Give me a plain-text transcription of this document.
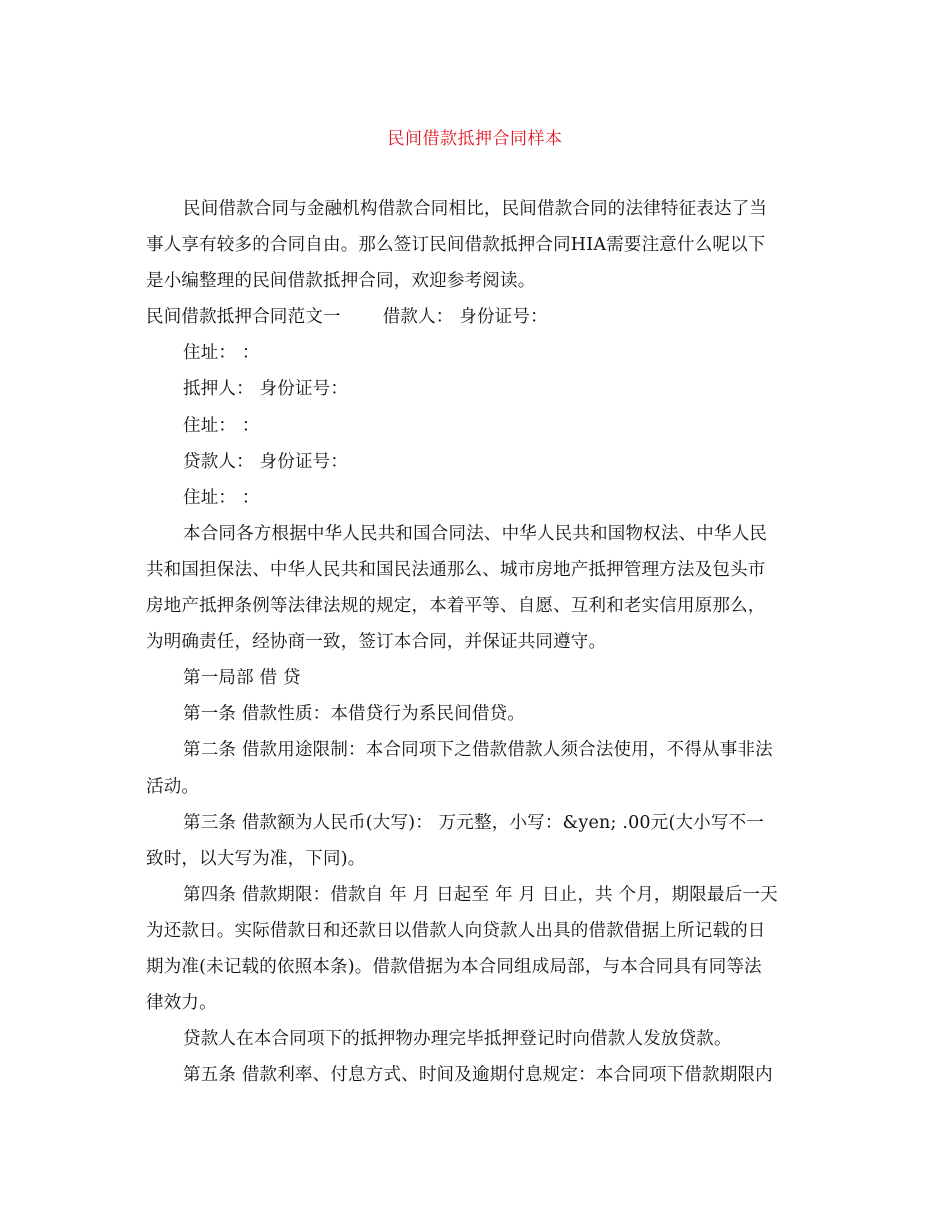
民间借款抵押合同样本
民间借款合同与金融机构借款合同相比，民间借款合同的法律特征表达了当
事人享有较多的合同自由。那么签订民间借款抵押合同HIA需要注意什么呢以下
是小编整理的民间借款抵押合同，欢迎参考阅读。
民间借款抵押合同范文一 借款人： 身份证号：
住址： ：
抵押人： 身份证号：
住址： ：
贷款人： 身份证号：
住址： ：
本合同各方根据中华人民共和国合同法、中华人民共和国物权法、中华人民
共和国担保法、中华人民共和国民法通那么、城市房地产抵押管理方法及包头市
房地产抵押条例等法律法规的规定，本着平等、自愿、互利和老实信用原那么，
为明确责任，经协商一致，签订本合同，并保证共同遵守。
第一局部 借 贷
第一条 借款性质：本借贷行为系民间借贷。
第二条 借款用途限制：本合同项下之借款借款人须合法使用，不得从事非法
活动。
第三条 借款额为人民币(大写)： 万元整，小写：&yen; .00元(大小写不一
致时，以大写为准，下同)。
第四条 借款期限：借款自 年 月 日起至 年 月 日止，共 个月，期限最后一天
为还款日。实际借款日和还款日以借款人向贷款人出具的借款借据上所记载的日
期为准(未记载的依照本条)。借款借据为本合同组成局部，与本合同具有同等法
律效力。
贷款人在本合同项下的抵押物办理完毕抵押登记时向借款人发放贷款。
第五条 借款利率、付息方式、时间及逾期付息规定：本合同项下借款期限内
